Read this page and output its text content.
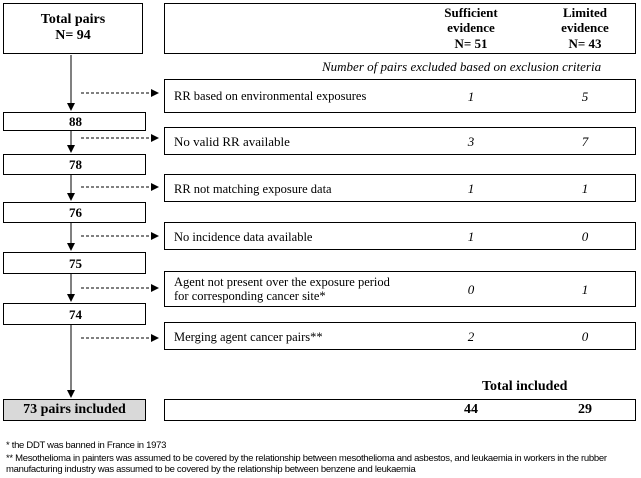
Total pairs
N= 94
Sufficient
evidence
N= 51
Limited
evidence
N= 43
Number of pairs excluded based on exclusion criteria
88
78
76
75
74
RR based on environmental exposures	1	5
No valid RR available	3	7
RR not matching exposure data	1	1
No incidence data available	1	0
Agent not present over the exposure period
for corresponding cancer site*	0	1
Merging agent cancer pairs**	2	0
Total included
73 pairs included	44	29
* the DDT was banned in France in 1973
** Mesothelioma in painters was assumed to be covered by the relationship between mesothelioma and asbestos, and leukaemia in workers in the rubber
manufacturing industry was assumed to be covered by the relationship between benzene and leukaemia
